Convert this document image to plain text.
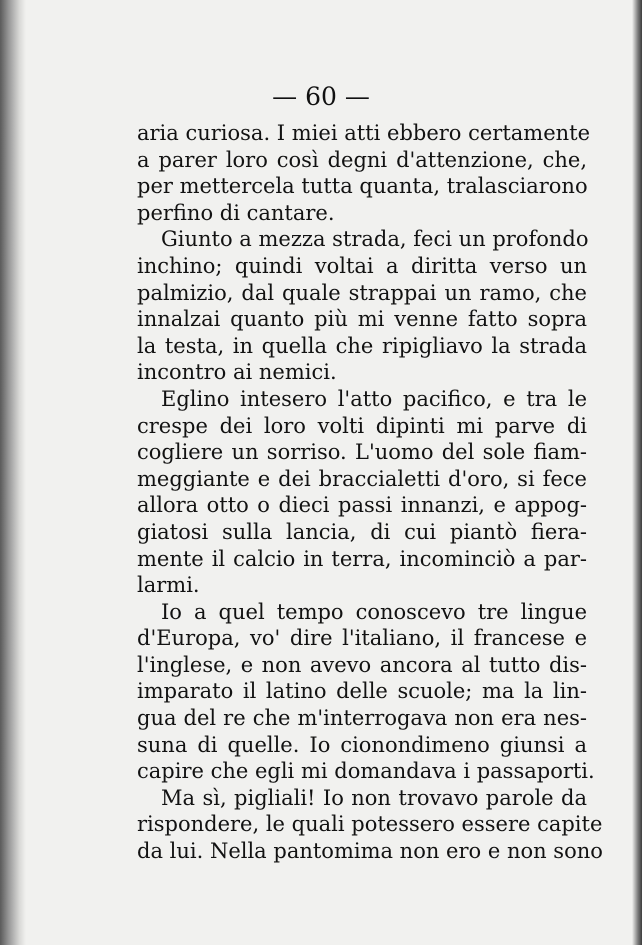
— 60 —
aria curiosa. I miei atti ebbero certamente
a parer loro così degni d'attenzione, che,
per mettercela tutta quanta, tralasciarono
perfino di cantare.
Giunto a mezza strada, feci un profondo
inchino; quindi voltai a diritta verso un
palmizio, dal quale strappai un ramo, che
innalzai quanto più mi venne fatto sopra
la testa, in quella che ripigliavo la strada
incontro ai nemici.
Eglino intesero l'atto pacifico, e tra le
crespe dei loro volti dipinti mi parve di
cogliere un sorriso. L'uomo del sole fiam-
meggiante e dei braccialetti d'oro, si fece
allora otto o dieci passi innanzi, e appog-
giatosi sulla lancia, di cui piantò fiera-
mente il calcio in terra, incominciò a par-
larmi.
Io a quel tempo conoscevo tre lingue
d'Europa, vo' dire l'italiano, il francese e
l'inglese, e non avevo ancora al tutto dis-
imparato il latino delle scuole; ma la lin-
gua del re che m'interrogava non era nes-
suna di quelle. Io cionondimeno giunsi a
capire che egli mi domandava i passaporti.
Ma sì, pigliali! Io non trovavo parole da
rispondere, le quali potessero essere capite
da lui. Nella pantomima non ero e non sono
